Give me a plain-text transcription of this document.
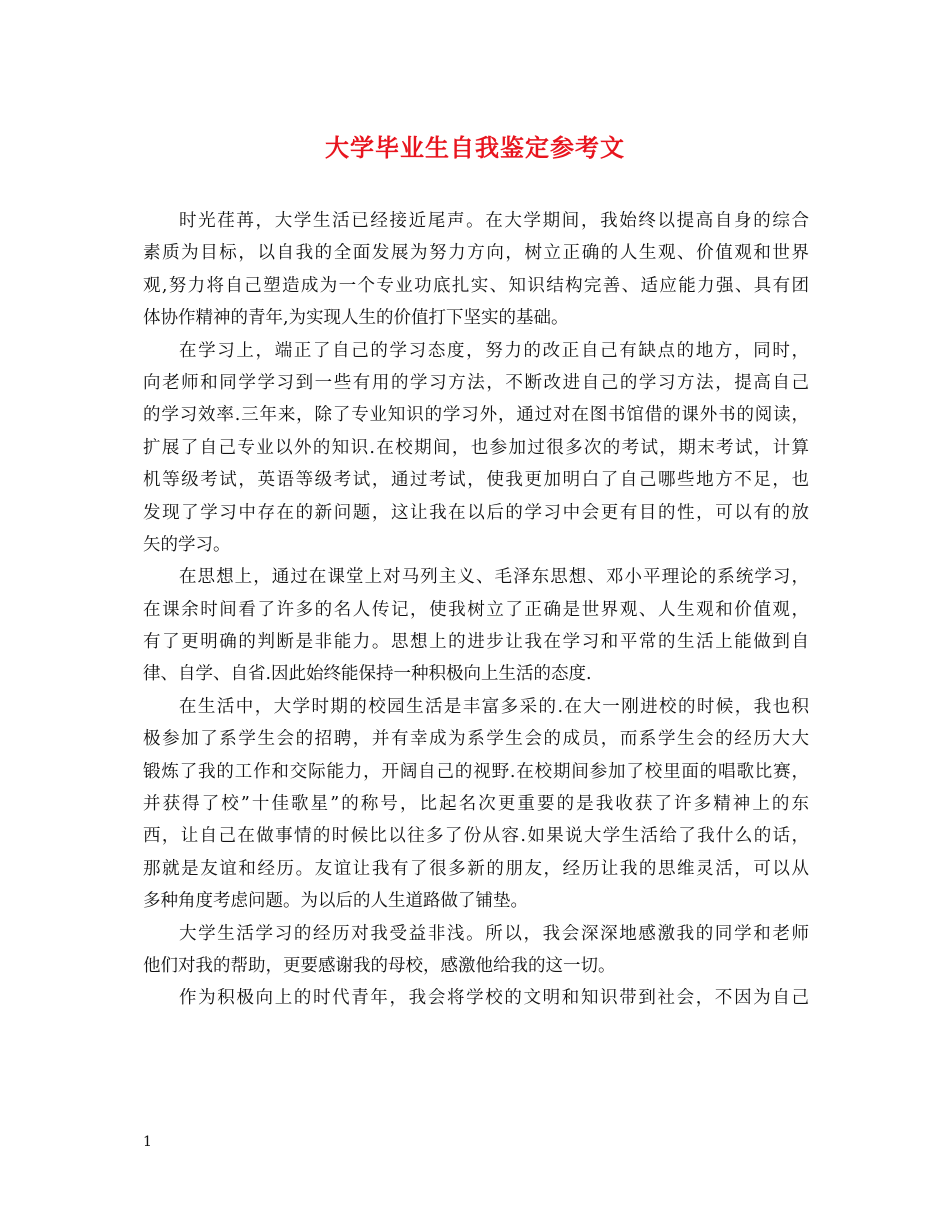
大学毕业生自我鉴定参考文
时光荏苒，大学生活已经接近尾声。在大学期间，我始终以提高自身的综合
素质为目标，以自我的全面发展为努力方向，树立正确的人生观、价值观和世界
观,努力将自己塑造成为一个专业功底扎实、知识结构完善、适应能力强、具有团
体协作精神的青年,为实现人生的价值打下坚实的基础。
在学习上，端正了自己的学习态度，努力的改正自己有缺点的地方，同时，
向老师和同学学习到一些有用的学习方法，不断改进自己的学习方法，提高自己
的学习效率.三年来，除了专业知识的学习外，通过对在图书馆借的课外书的阅读，
扩展了自己专业以外的知识.在校期间，也参加过很多次的考试，期末考试，计算
机等级考试，英语等级考试，通过考试，使我更加明白了自己哪些地方不足，也
发现了学习中存在的新问题，这让我在以后的学习中会更有目的性，可以有的放
矢的学习。
在思想上，通过在课堂上对马列主义、毛泽东思想、邓小平理论的系统学习，
在课余时间看了许多的名人传记，使我树立了正确是世界观、人生观和价值观，
有了更明确的判断是非能力。思想上的进步让我在学习和平常的生活上能做到自
律、自学、自省.因此始终能保持一种积极向上生活的态度.
在生活中，大学时期的校园生活是丰富多采的.在大一刚进校的时候，我也积
极参加了系学生会的招聘，并有幸成为系学生会的成员，而系学生会的经历大大
锻炼了我的工作和交际能力，开阔自己的视野.在校期间参加了校里面的唱歌比赛，
并获得了校”十佳歌星”的称号，比起名次更重要的是我收获了许多精神上的东
西，让自己在做事情的时候比以往多了份从容.如果说大学生活给了我什么的话，
那就是友谊和经历。友谊让我有了很多新的朋友，经历让我的思维灵活，可以从
多种角度考虑问题。为以后的人生道路做了铺垫。
大学生活学习的经历对我受益非浅。所以，我会深深地感激我的同学和老师
他们对我的帮助，更要感谢我的母校，感激他给我的这一切。
作为积极向上的时代青年，我会将学校的文明和知识带到社会，不因为自己
1
